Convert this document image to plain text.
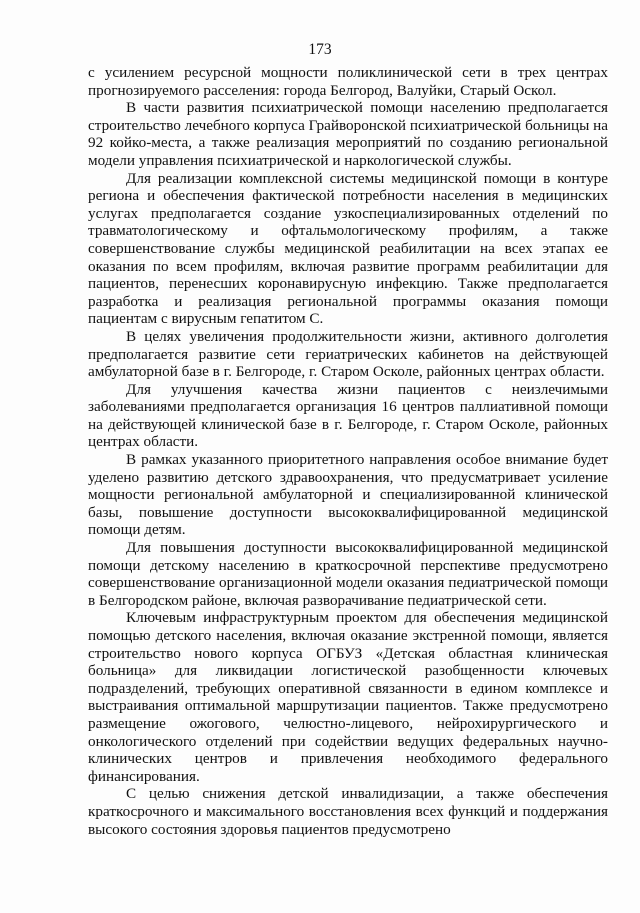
173

с усилением ресурсной мощности поликлинической сети в трех центрах прогнозируемого расселения: города Белгород, Валуйки, Старый Оскол.

В части развития психиатрической помощи населению предполагается строительство лечебного корпуса Грайворонской психиатрической больницы на 92 койко-места, а также реализация мероприятий по созданию региональной модели управления психиатрической и наркологической службы.

Для реализации комплексной системы медицинской помощи в контуре региона и обеспечения фактической потребности населения в медицинских услугах предполагается создание узкоспециализированных отделений по травматологическому и офтальмологическому профилям, а также совершенствование службы медицинской реабилитации на всех этапах ее оказания по всем профилям, включая развитие программ реабилитации для пациентов, перенесших коронавирусную инфекцию. Также предполагается разработка и реализация региональной программы оказания помощи пациентам с вирусным гепатитом С.

В целях увеличения продолжительности жизни, активного долголетия предполагается развитие сети гериатрических кабинетов на действующей амбулаторной базе в г. Белгороде, г. Старом Осколе, районных центрах области.

Для улучшения качества жизни пациентов с неизлечимыми заболеваниями предполагается организация 16 центров паллиативной помощи на действующей клинической базе в г. Белгороде, г. Старом Осколе, районных центрах области.

В рамках указанного приоритетного направления особое внимание будет уделено развитию детского здравоохранения, что предусматривает усиление мощности региональной амбулаторной и специализированной клинической базы, повышение доступности высококвалифицированной медицинской помощи детям.

Для повышения доступности высококвалифицированной медицинской помощи детскому населению в краткосрочной перспективе предусмотрено совершенствование организационной модели оказания педиатрической помощи в Белгородском районе, включая разворачивание педиатрической сети.

Ключевым инфраструктурным проектом для обеспечения медицинской помощью детского населения, включая оказание экстренной помощи, является строительство нового корпуса ОГБУЗ «Детская областная клиническая больница» для ликвидации логистической разобщенности ключевых подразделений, требующих оперативной связанности в едином комплексе и выстраивания оптимальной маршрутизации пациентов. Также предусмотрено размещение ожогового, челюстно-лицевого, нейрохирургического и онкологического отделений при содействии ведущих федеральных научно-клинических центров и привлечения необходимого федерального финансирования.

С целью снижения детской инвалидизации, а также обеспечения краткосрочного и максимального восстановления всех функций и поддержания высокого состояния здоровья пациентов предусмотрено
